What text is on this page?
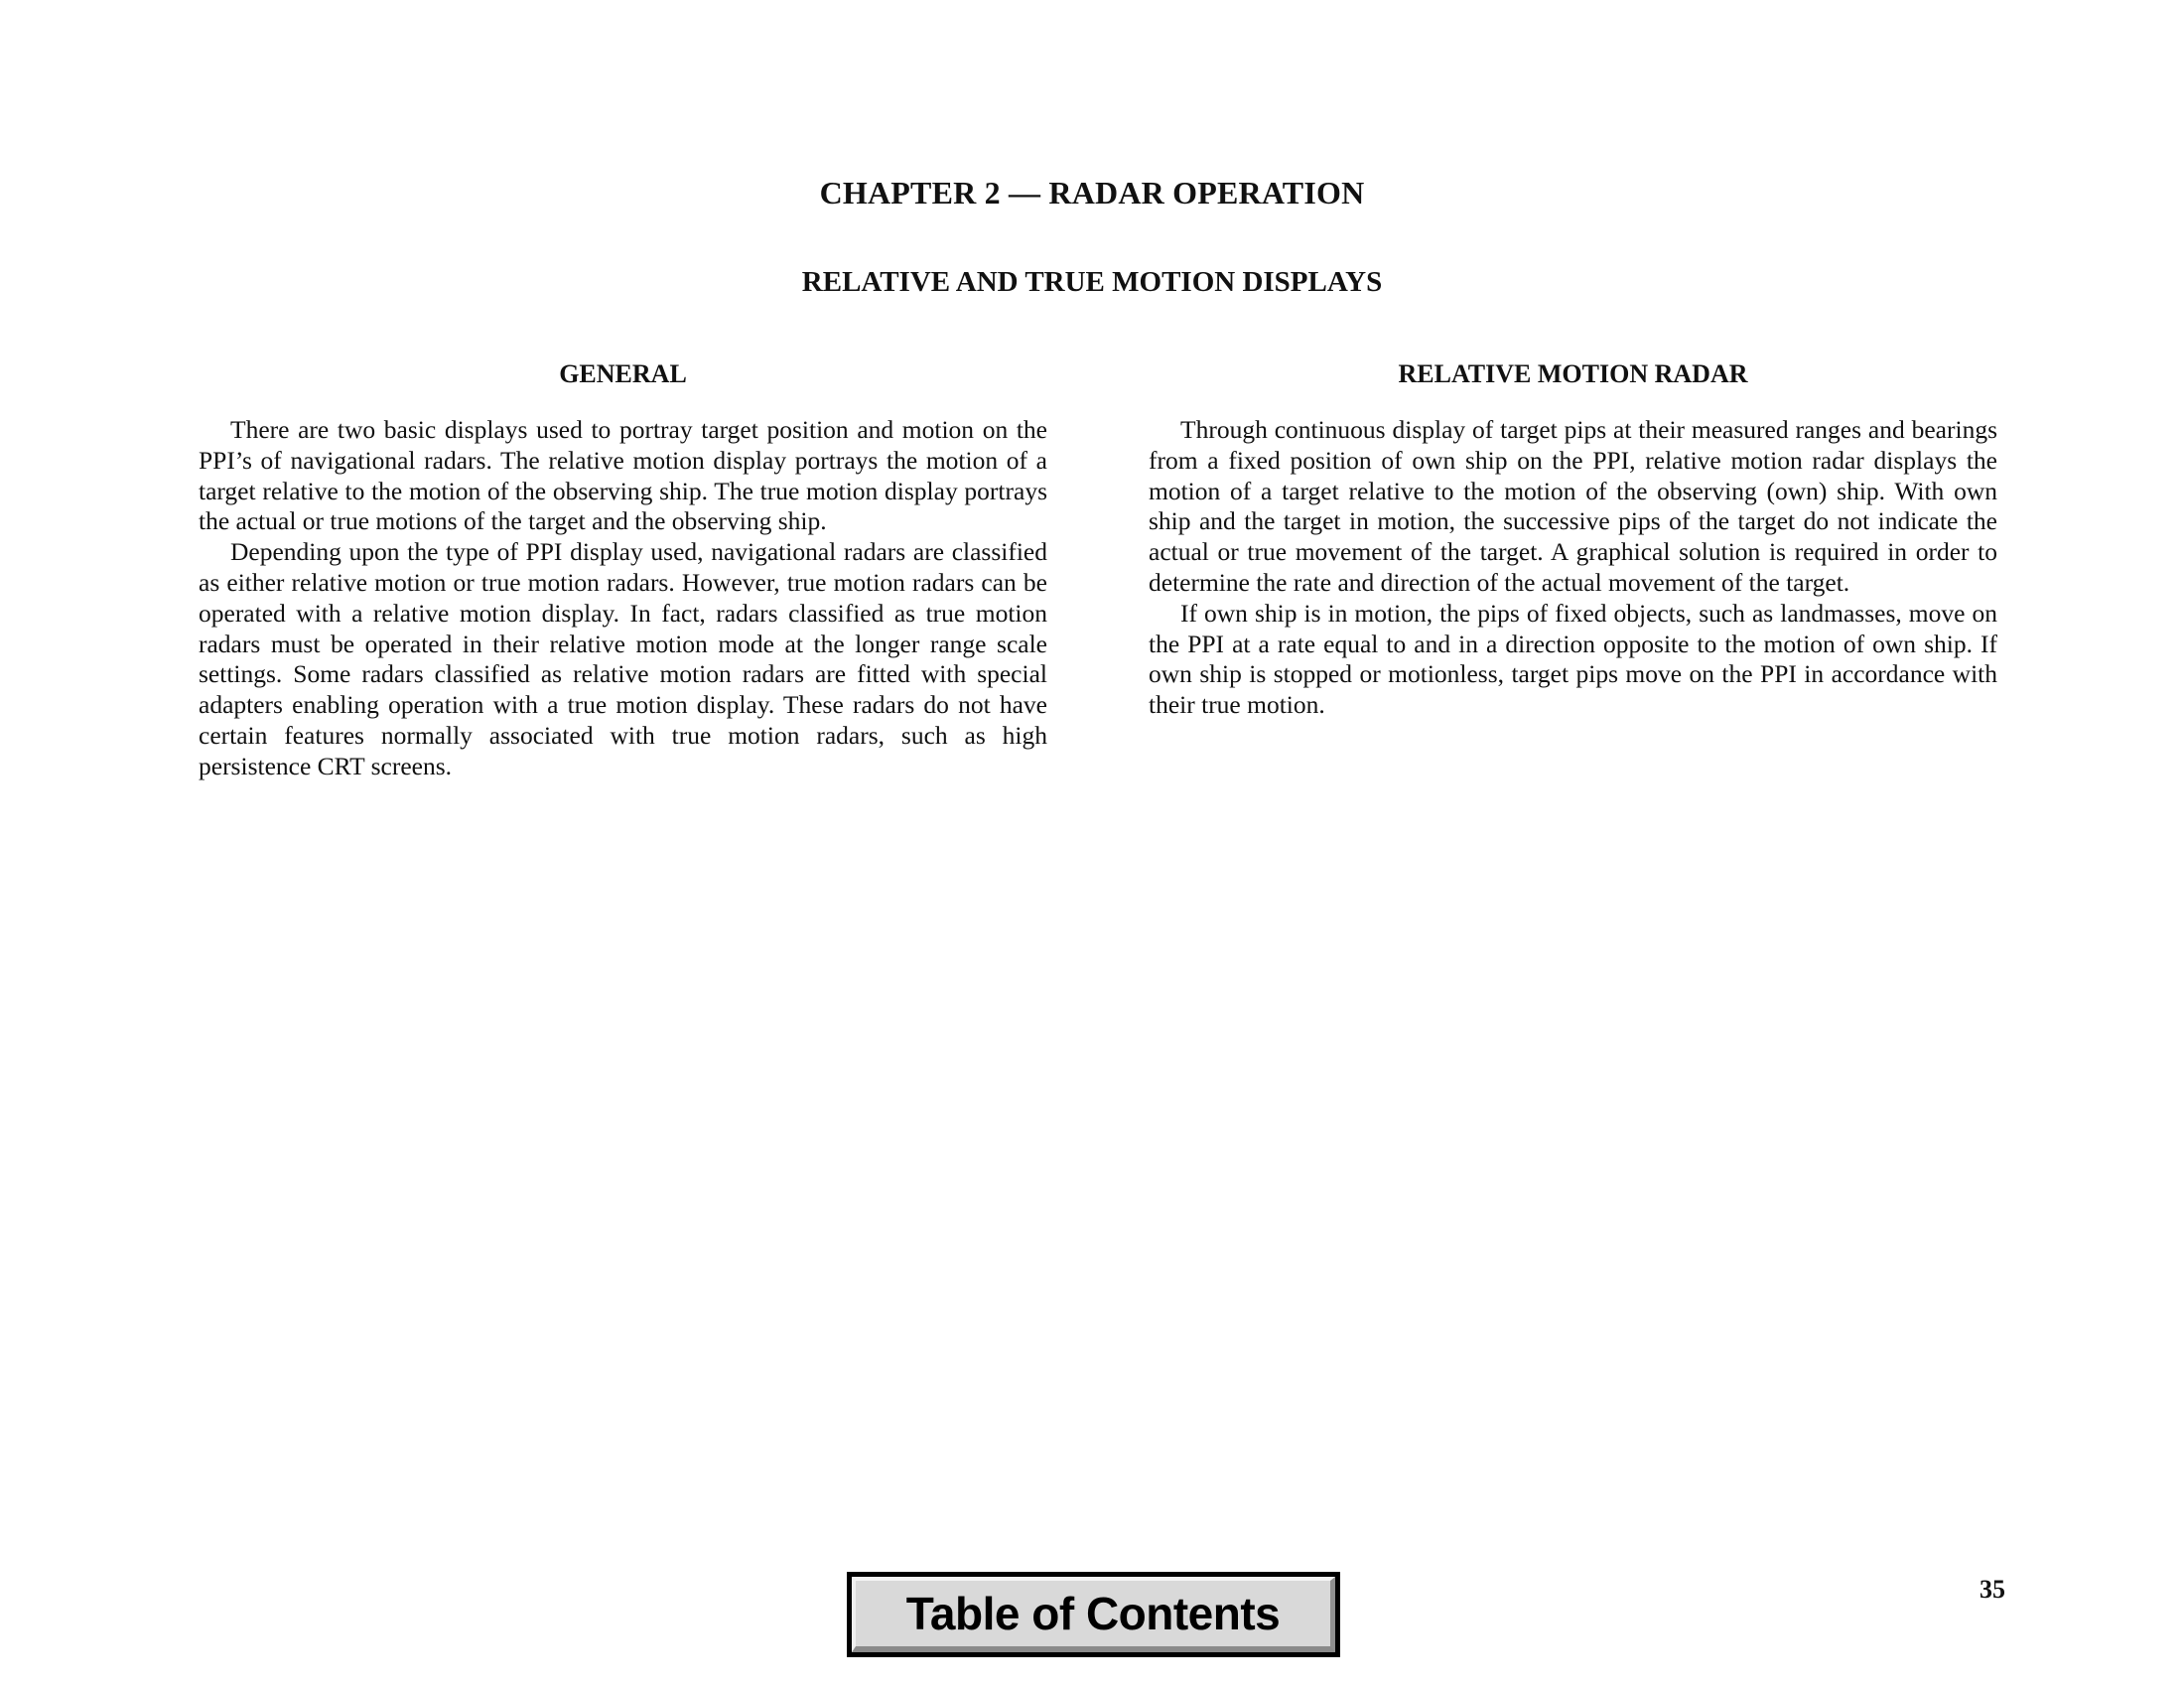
CHAPTER 2 — RADAR OPERATION
RELATIVE AND TRUE MOTION DISPLAYS
GENERAL

There are two basic displays used to portray target position and motion on the PPI’s of navigational radars. The relative motion display portrays the motion of a target relative to the motion of the observing ship. The true motion display portrays the actual or true motions of the target and the observing ship.

Depending upon the type of PPI display used, navigational radars are classified as either relative motion or true motion radars. However, true motion radars can be operated with a relative motion display. In fact, radars classified as true motion radars must be operated in their relative motion mode at the longer range scale settings. Some radars classified as relative motion radars are fitted with special adapters enabling operation with a true motion display. These radars do not have certain features normally associated with true motion radars, such as high persistence CRT screens.

RELATIVE MOTION RADAR

Through continuous display of target pips at their measured ranges and bearings from a fixed position of own ship on the PPI, relative motion radar displays the motion of a target relative to the motion of the observing (own) ship. With own ship and the target in motion, the successive pips of the target do not indicate the actual or true movement of the target. A graphical solution is required in order to determine the rate and direction of the actual movement of the target.

If own ship is in motion, the pips of fixed objects, such as landmasses, move on the PPI at a rate equal to and in a direction opposite to the motion of own ship. If own ship is stopped or motionless, target pips move on the PPI in accordance with their true motion.

Table of Contents	35
